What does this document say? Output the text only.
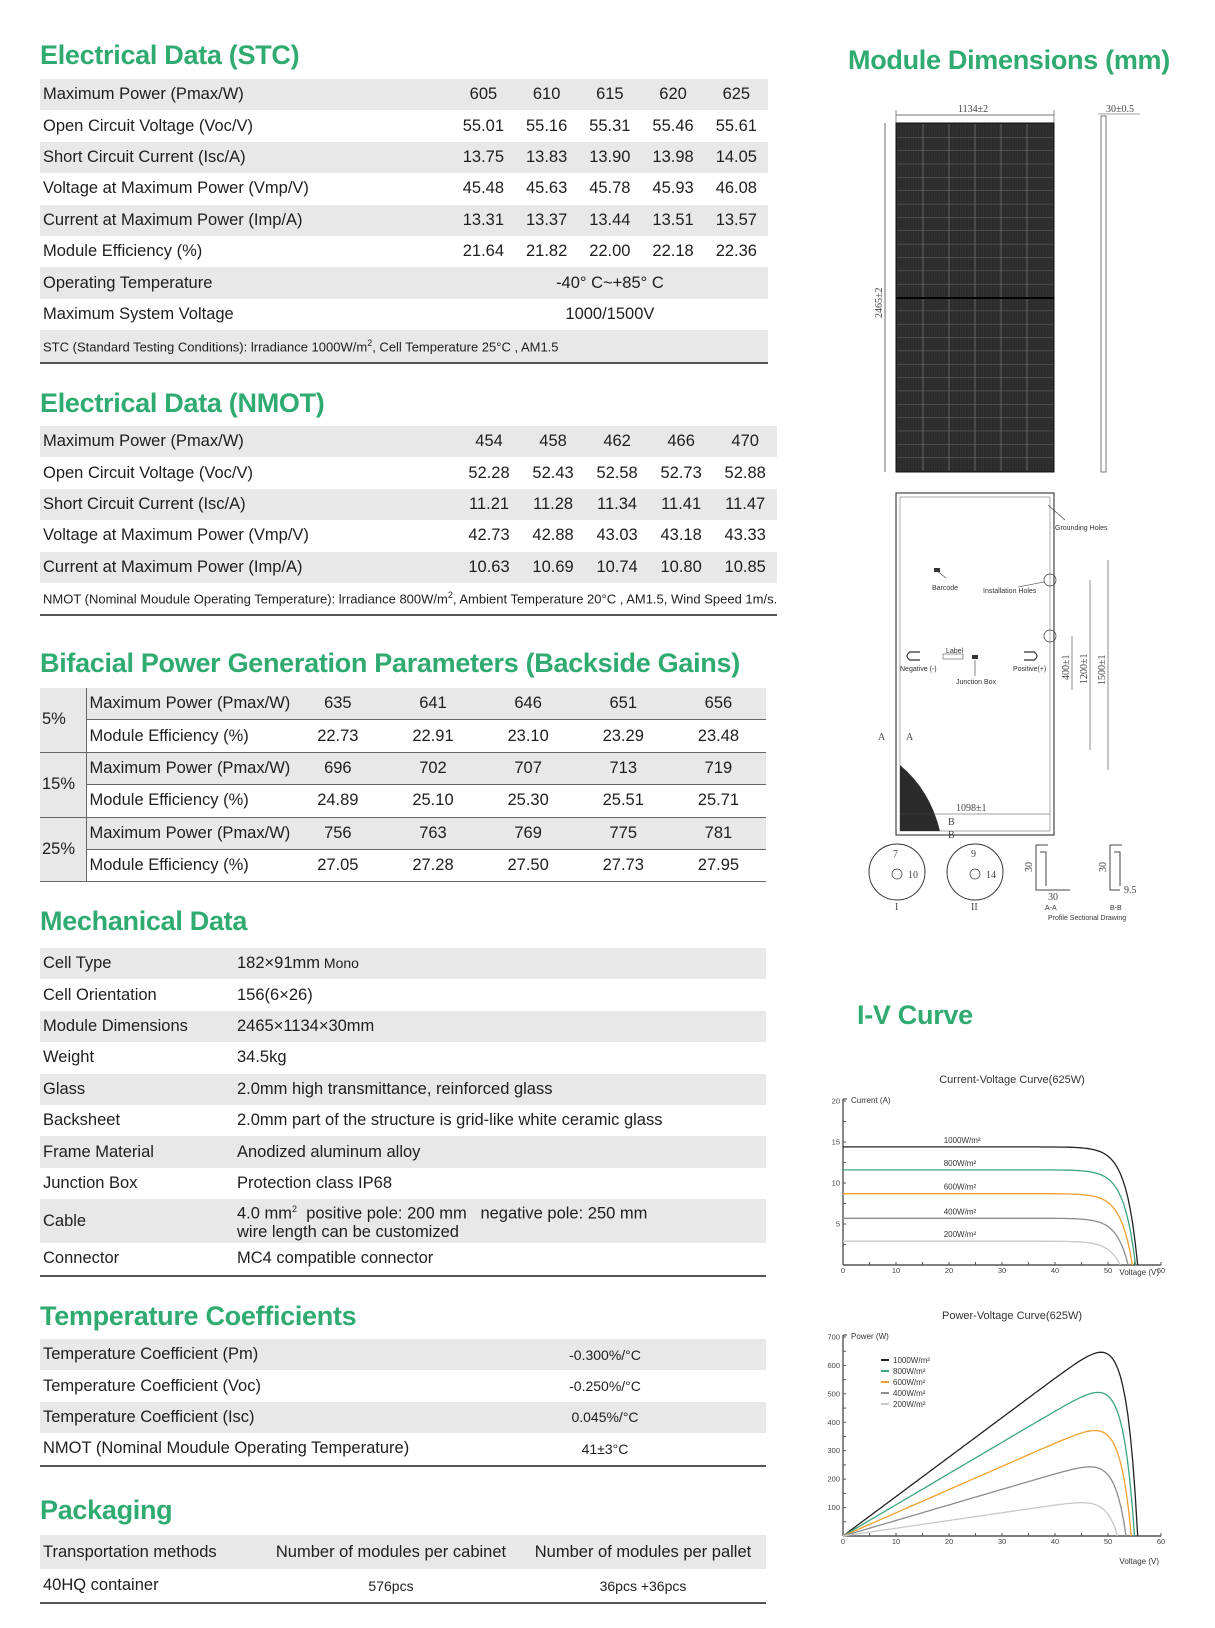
Electrical Data (STC)
Maximum Power (Pmax/W)	605	610	615	620	625
Open Circuit Voltage (Voc/V)	55.01	55.16	55.31	55.46	55.61
Short Circuit Current (Isc/A)	13.75	13.83	13.90	13.98	14.05
Voltage at Maximum Power (Vmp/V)	45.48	45.63	45.78	45.93	46.08
Current at Maximum Power (Imp/A)	13.31	13.37	13.44	13.51	13.57
Module Efficiency (%)	21.64	21.82	22.00	22.18	22.36
Operating Temperature	-40° C~+85° C				
Maximum System Voltage	1000/1500V				
STC (Standard Testing Conditions): lrradiance $1000W/m^2$, Cell Temperature 25°C , AM1.5					
Electrical Data (NMOT)
Maximum Power (Pmax/W)	454	458	462	466	470
Open Circuit Voltage (Voc/V)	52.28	52.43	52.58	52.73	52.88
Short Circuit Current (Isc/A)	11.21	11.28	11.34	11.41	11.47
Voltage at Maximum Power (Vmp/V)	42.73	42.88	43.03	43.18	43.33
Current at Maximum Power (Imp/A)	10.63	10.69	10.74	10.80	10.85
NMOT (Nominal Moudule Operating Temperature): lrradiance $800W/m^2$, Ambient Temperature 20°C , AM1.5, Wind Speed 1m/s.					
Bifacial Power Generation Parameters (Backside Gains)
5%	Maximum Power (Pmax/W)	635	641	646	651	656
	Module Efficiency (%)	22.73	22.91	23.10	23.29	23.48
15%	Maximum Power (Pmax/W)	696	702	707	713	719
	Module Efficiency (%)	24.89	25.10	25.30	25.51	25.71
25%	Maximum Power (Pmax/W)	756	763	769	775	781
	Module Efficiency (%)	27.05	27.28	27.50	27.73	27.95
Mechanical Data
Cell Type	182×91mm Mono
Cell Orientation	156(6×26)
Module Dimensions	2465×1134×30mm
Weight	34.5kg
Glass	2.0mm high transmittance, reinforced glass
Backsheet	2.0mm part of the structure is grid-like white ceramic glass
Frame Material	Anodized aluminum alloy
Junction Box	Protection class IP68
Cable	4.0 $mm^2$  positive pole: 200 mm   negative pole: 250 mm
wire length can be customized
Connector	MC4 compatible connector
Temperature Coefficients
Temperature Coefficient (Pm)	-0.300%/°C	
Temperature Coefficient (Voc)	-0.250%/°C	
Temperature Coefficient (Isc)	0.045%/°C	
NMOT (Nominal Moudule Operating Temperature)	41±3°C	
Packaging
Transportation methods	Number of modules per cabinet	Number of modules per pallet
40HQ container	576pcs	36pcs +36pcs
Module Dimensions (mm)
1134±2
2465±2
30±0.5
Grounding Holes
Installation Holes
Barcode
Label
Junction Box
Negative (-)	Positive(+)
1098±1
400±1 1200±1 1500±1
A A
B
B
7
10
I
9
14
II
30
30
A-A
30
9.5
B-B
Profile Sectional Drawing
I-V Curve
Current-Voltage Curve(625W)
Current (A)
Voltage (V)
0	10	20	30	40	50	60
5
10
15
20
1000W/m²
800W/m²
600W/m²
400W/m²
200W/m²
Power-Voltage Curve(625W)
Power (W)
Voltage (V)
0	10	20	30	40	50	60
100
200
300
400
500
600
700
1000W/m²
800W/m²
600W/m²
400W/m²
200W/m²
